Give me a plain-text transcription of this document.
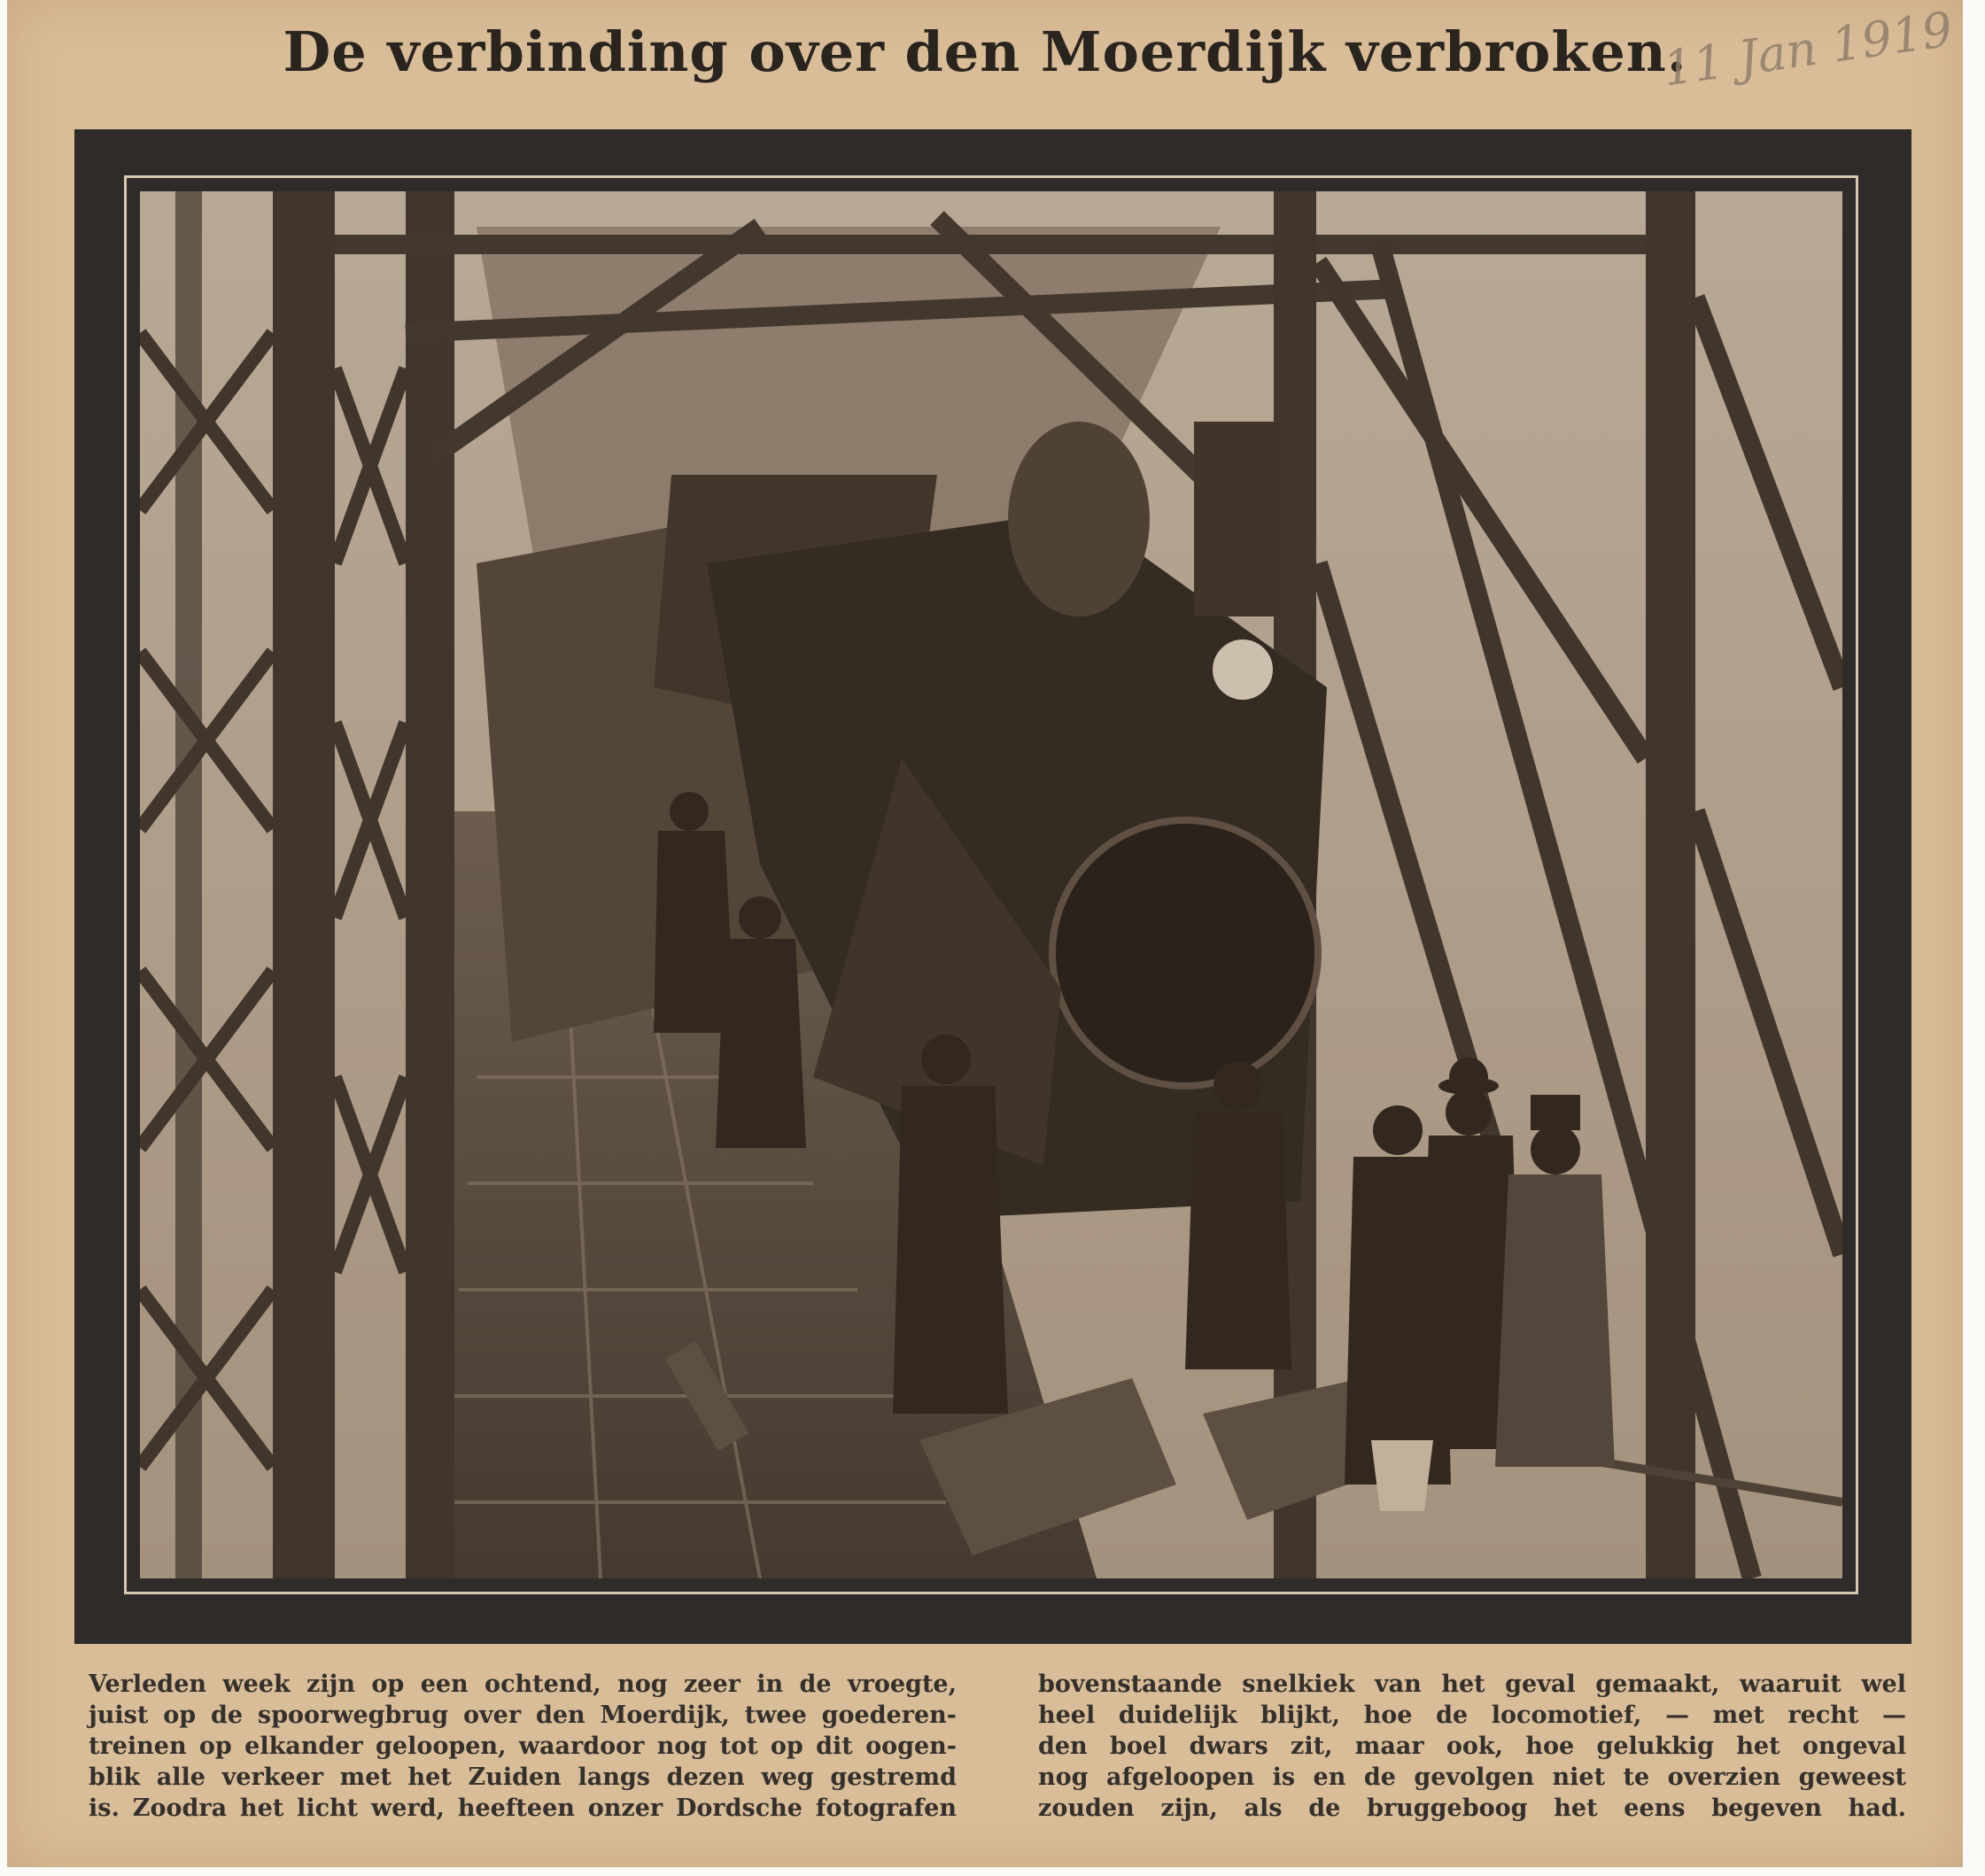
De verbinding over den Moerdijk verbroken.
11 Jan 1919
Verleden week zijn op een ochtend, nog zeer in de vroegte,
juist op de spoorwegbrug over den Moerdijk, twee goederen-
treinen op elkander geloopen, waardoor nog tot op dit oogen-
blik alle verkeer met het Zuiden langs dezen weg gestremd
is. Zoodra het licht werd, heefteen onzer Dordsche fotografen
bovenstaande snelkiek van het geval gemaakt, waaruit wel
heel duidelijk blijkt, hoe de locomotief, — met recht —
den boel dwars zit, maar ook, hoe gelukkig het ongeval
nog afgeloopen is en de gevolgen niet te overzien geweest
zouden zijn, als de bruggeboog het eens begeven had.
